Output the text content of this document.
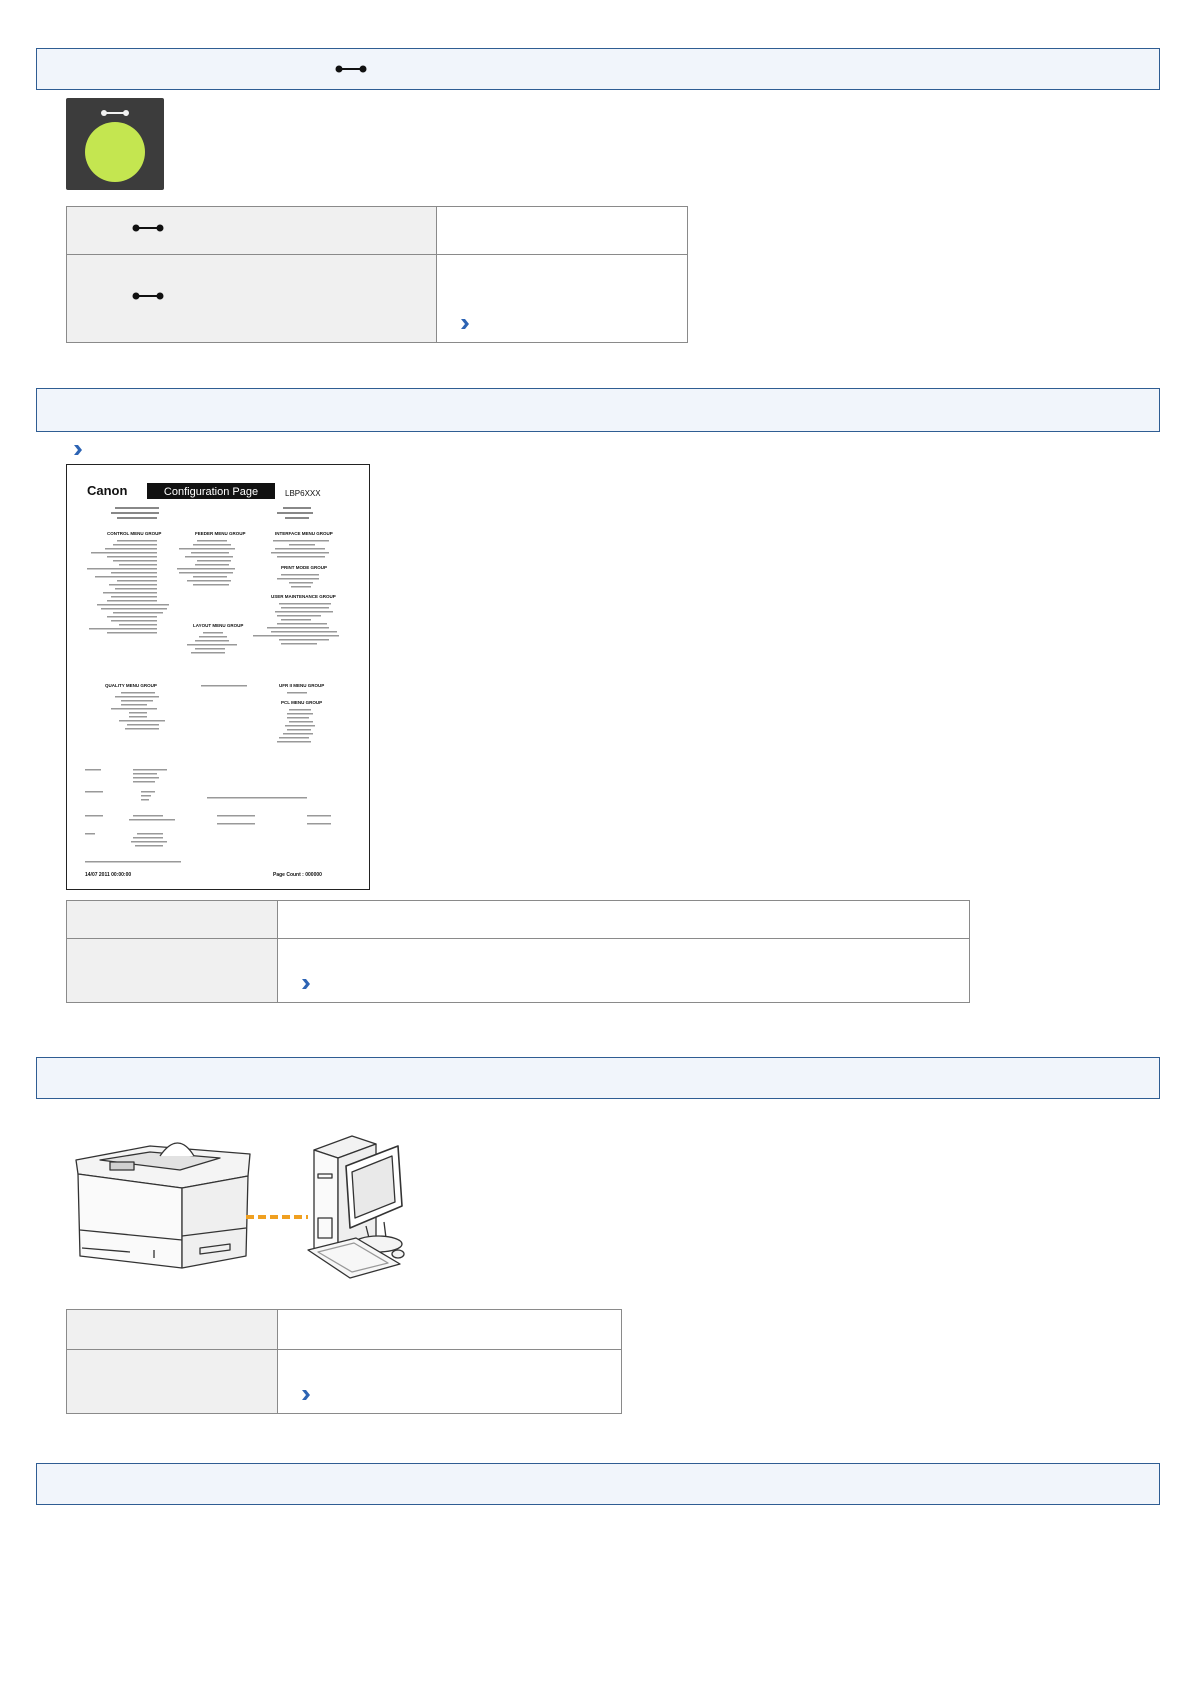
Canon	Configuration Page	LBP6XXX
CONTROL MENU GROUP	FEEDER MENU GROUP	INTERFACE MENU GROUP
PRINT MODE GROUP
USER MAINTENANCE GROUP
LAYOUT MENU GROUP
QUALITY MENU GROUP	UFR II MENU GROUP
PCL MENU GROUP
14/07 2011 00:00:00	Page Count : 000000
